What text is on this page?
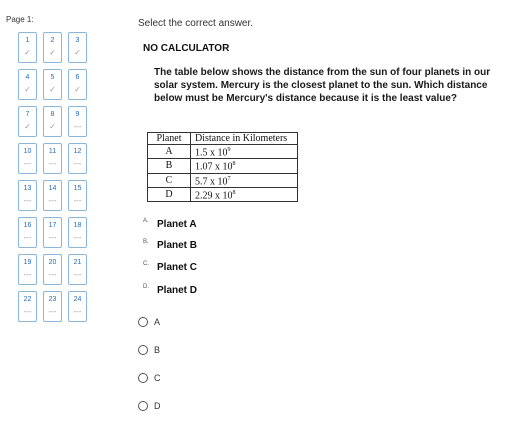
Page 1:
1
✓
2
✓
3
✓
4
✓
5
✓
6
✓
7
✓
8
✓
9
---
10
---
11
---
12
---
13
---
14
---
15
---
16
---
17
---
18
---
19
---
20
---
21
---
22
---
23
---
24
---
Select the correct answer.
NO CALCULATOR
The table below shows the distance from the sun of four planets in our solar system. Mercury is the closest planet to the sun. Which distance below must be Mercury's distance because it is the least value?
Planet	Distance in Kilometers
A	1.5 x $10^9$
B	1.07 x $10^8$
C	5.7 x $10^7$
D	2.29 x $10^8$
A. Planet A
B. Planet B
C. Planet C
D. Planet D
A
B
C
D
